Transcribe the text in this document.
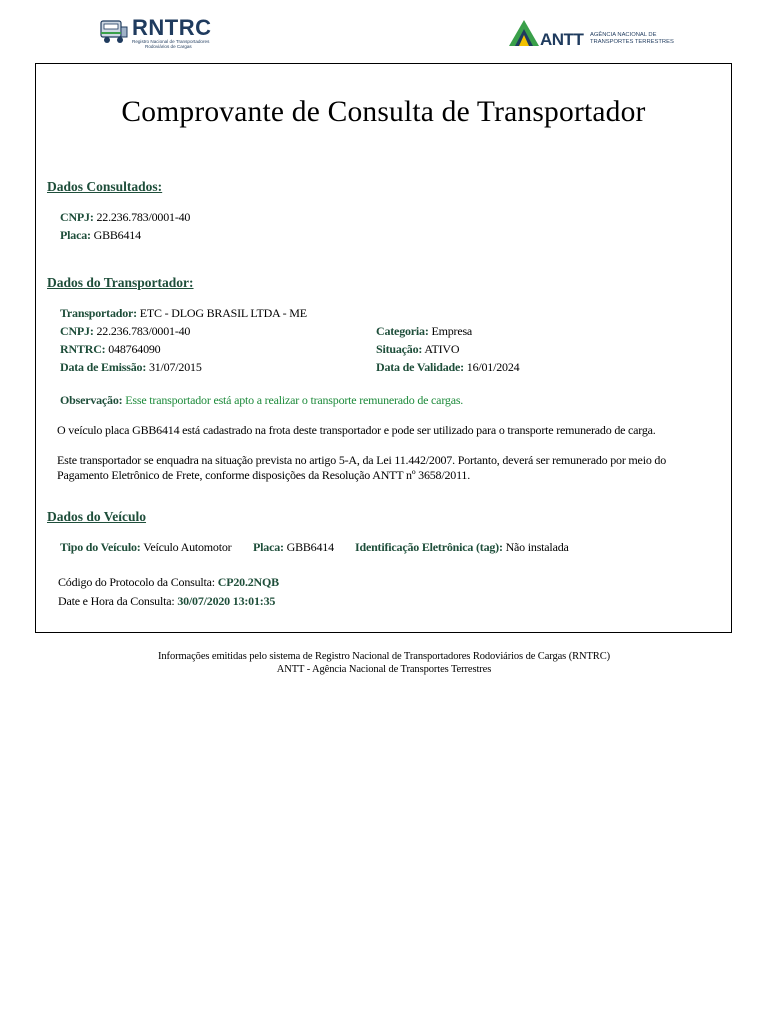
RNTRC
Registro Nacional de Transportadores
Rodoviários de Cargas	ANTT AGÊNCIA NACIONAL DE
TRANSPORTES TERRESTRES
Comprovante de Consulta de Transportador
Dados Consultados:
CNPJ: 22.236.783/0001-40
Placa: GBB6414
Dados do Transportador:
Transportador: ETC - DLOG BRASIL LTDA - ME
CNPJ: 22.236.783/0001-40	Categoria: Empresa
RNTRC: 048764090	Situação: ATIVO
Data de Emissão: 31/07/2015	Data de Validade: 16/01/2024
Observação: Esse transportador está apto a realizar o transporte remunerado de cargas.
O veículo placa GBB6414 está cadastrado na frota deste transportador e pode ser utilizado para o transporte remunerado de carga.
Este transportador se enquadra na situação prevista no artigo 5-A, da Lei 11.442/2007. Portanto, deverá ser remunerado por meio do
Pagamento Eletrônico de Frete, conforme disposições da Resolução ANTT nº 3658/2011.
Dados do Veículo
Tipo do Veículo: Veículo Automotor Placa: GBB6414 Identificação Eletrônica (tag): Não instalada
Código do Protocolo da Consulta: CP20.2NQB
Date e Hora da Consulta: 30/07/2020 13:01:35
Informações emitidas pelo sistema de Registro Nacional de Transportadores Rodoviários de Cargas (RNTRC)
ANTT - Agência Nacional de Transportes Terrestres
